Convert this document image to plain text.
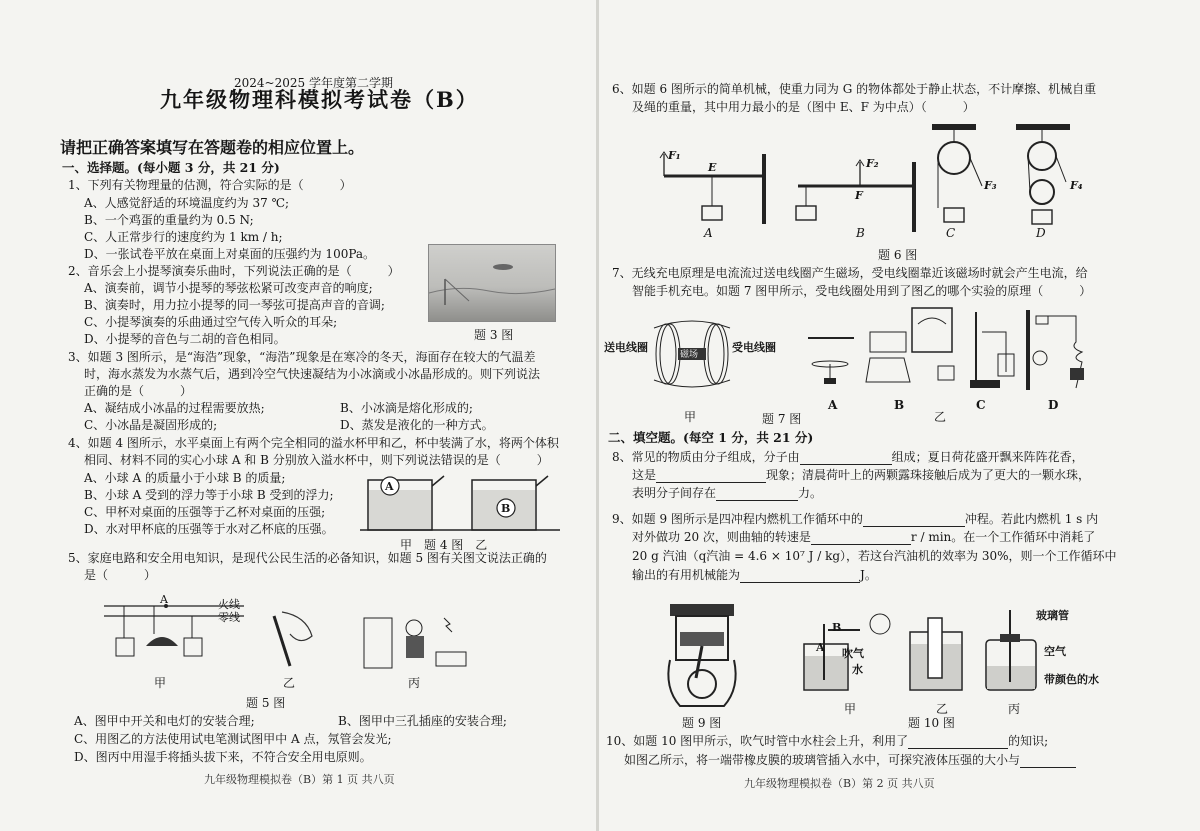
2024~2025 学年度第二学期
九年级物理科模拟考试卷（B）
请把正确答案填写在答题卷的相应位置上。
一、选择题。(每小题 3 分，共 21 分)
1、下列有关物理量的估测，符合实际的是（　　　）
A、人感觉舒适的环境温度约为 37 ℃;
B、一个鸡蛋的重量约为 0.5 N;
C、人正常步行的速度约为 1 km / h;
D、一张试卷平放在桌面上对桌面的压强约为 100Pa。
2、音乐会上小提琴演奏乐曲时，下列说法正确的是（　　　）
A、演奏前，调节小提琴的琴弦松紧可改变声音的响度;
B、演奏时，用力拉小提琴的同一琴弦可提高声音的音调;
C、小提琴演奏的乐曲通过空气传入听众的耳朵;
D、小提琴的音色与二胡的音色相同。	题 3 图
3、如题 3 图所示，是“海浩”现象，“海浩”现象是在寒冷的冬天，海面存在较大的气温差
时，海水蒸发为水蒸气后，遇到冷空气快速凝结为小冰滴或小冰晶形成的。则下列说法
正确的是（　　　）
A、凝结成小冰晶的过程需要放热;	B、小冰滴是熔化形成的;
C、小冰晶是凝固形成的;	D、蒸发是液化的一种方式。
4、如题 4 图所示，水平桌面上有两个完全相同的溢水杯甲和乙，杯中装满了水，将两个体积
相同、材料不同的实心小球 A 和 B 分别放入溢水杯中，则下列说法错误的是（　　　）
A、小球 A 的质量小于小球 B 的质量;
B、小球 A 受到的浮力等于小球 B 受到的浮力;
C、甲杯对桌面的压强等于乙杯对桌面的压强;
D、水对甲杯底的压强等于水对乙杯底的压强。
A
B
甲　题 4 图　乙
5、家庭电路和安全用电知识，是现代公民生活的必备知识，如题 5 图有关图文说法正确的
是（　　　）
A	火线
零线
甲	乙	丙
题 5 图
A、图甲中开关和电灯的安装合理;	B、图甲中三孔插座的安装合理;
C、用图乙的方法使用试电笔测试图甲中 A 点，氖管会发光;
D、图丙中用湿手将插头拔下来，不符合安全用电原则。
九年级物理模拟卷（B）第 1 页 共八页
6、如题 6 图所示的简单机械，使重力同为 G 的物体都处于静止状态，不计摩擦、机械自重
及绳的重量，其中用力最小的是（图中 E、F 为中点）（　　　）
F₁
E	F₂
F
F₃	F₄
A	B	C	D
题 6 图
7、无线充电原理是电流流过送电线圈产生磁场，受电线圈靠近该磁场时就会产生电流，给
智能手机充电。如题 7 图甲所示，受电线圈处用到了图乙的哪个实验的原理（　　　）
送电线圈	受电线圈
磁场
甲	题 7 图
A	B
乙
C	D
二、填空题。(每空 1 分，共 21 分)
8、常见的物质由分子组成，分子由	组成；夏日荷花盛开飘来阵阵花香，
这是	现象；清晨荷叶上的两颗露珠接触后成为了更大的一颗水珠，
表明分子间存在	力。
9、如题 9 图所示是四冲程内燃机工作循环中的	冲程。若此内燃机 1 s 内
对外做功 20 次，则曲轴的转速是	r / min。在一个工作循环中消耗了
20 g 汽油（q汽油 = 4.6 × 10⁷ J / kg），若这台汽油机的效率为 30%，则一个工作循环中
输出的有用机械能为	J。
题 9 图
B
A 吹气
水
玻璃管
空气
带颜色的水
甲	乙	丙
题 10 图
10、如题 10 图甲所示，吹气时管中水柱会上升，利用了	的知识;
如图乙所示，将一端带橡皮膜的玻璃管插入水中，可探究液体压强的大小与
九年级物理模拟卷（B）第 2 页 共八页
